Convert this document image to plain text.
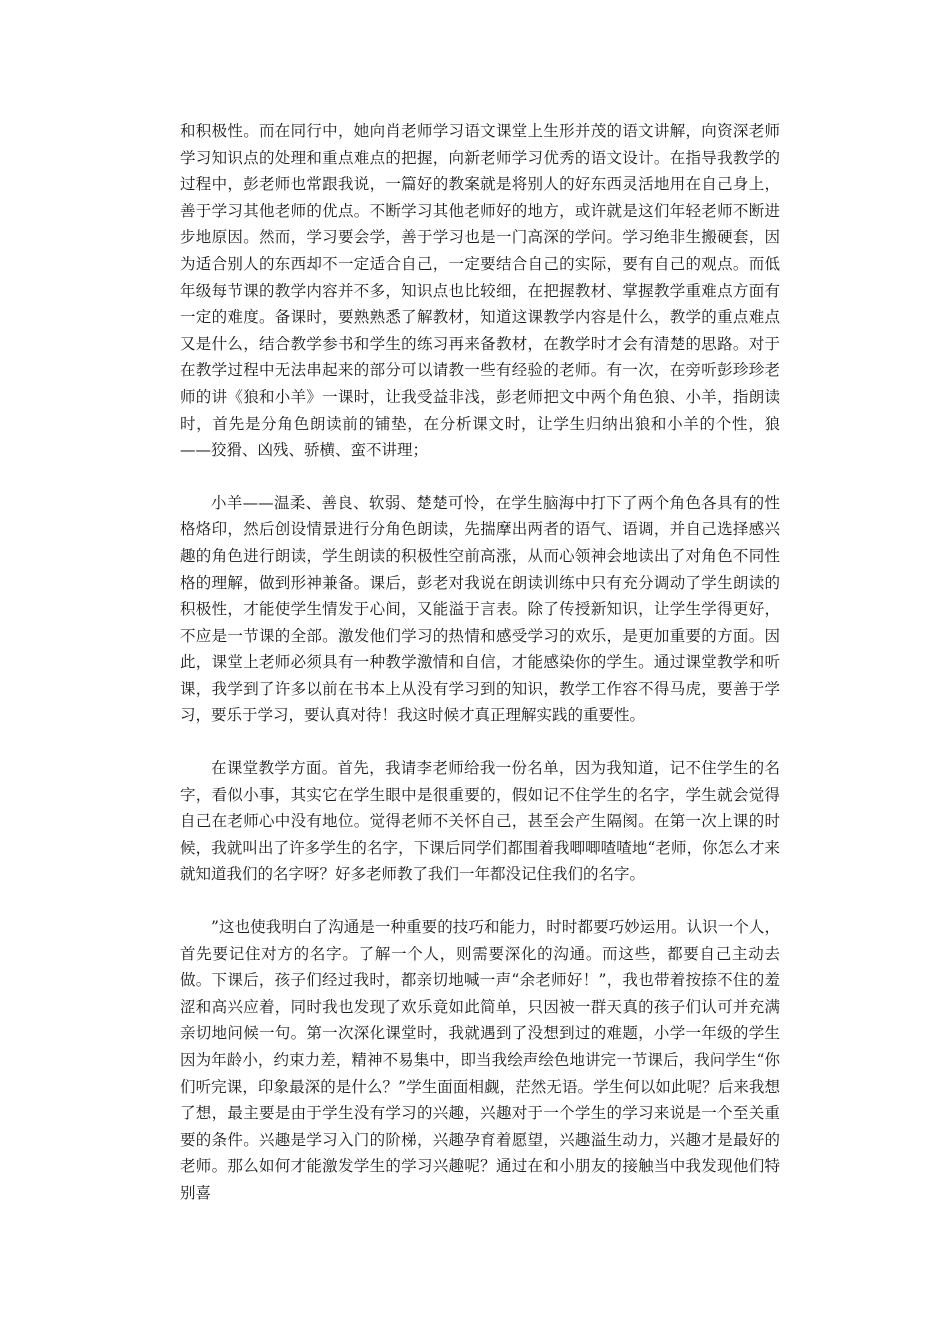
和积极性。而在同行中，她向肖老师学习语文课堂上生形并茂的语文讲解，向资深老师学习知识点的处理和重点难点的把握，向新老师学习优秀的语文设计。在指导我教学的过程中，彭老师也常跟我说，一篇好的教案就是将别人的好东西灵活地用在自己身上，善于学习其他老师的优点。不断学习其他老师好的地方，或许就是这们年轻老师不断进步地原因。然而，学习要会学，善于学习也是一门高深的学问。学习绝非生搬硬套，因为适合别人的东西却不一定适合自己，一定要结合自己的实际，要有自己的观点。而低年级每节课的教学内容并不多，知识点也比较细，在把握教材、掌握教学重难点方面有一定的难度。备课时，要熟熟悉了解教材，知道这课教学内容是什么，教学的重点难点又是什么，结合教学参书和学生的练习再来备教材，在教学时才会有清楚的思路。对于在教学过程中无法串起来的部分可以请教一些有经验的老师。有一次，在旁听彭珍珍老师的讲《狼和小羊》一课时，让我受益非浅，彭老师把文中两个角色狼、小羊，指朗读时，首先是分角色朗读前的铺垫，在分析课文时，让学生归纳出狼和小羊的个性，狼——狡猾、凶残、骄横、蛮不讲理；

小羊——温柔、善良、软弱、楚楚可怜，在学生脑海中打下了两个角色各具有的性格烙印，然后创设情景进行分角色朗读，先揣摩出两者的语气、语调，并自己选择感兴趣的角色进行朗读，学生朗读的积极性空前高涨，从而心领神会地读出了对角色不同性格的理解，做到形神兼备。课后，彭老对我说在朗读训练中只有充分调动了学生朗读的积极性，才能使学生情发于心间，又能溢于言表。除了传授新知识，让学生学得更好，不应是一节课的全部。激发他们学习的热情和感受学习的欢乐，是更加重要的方面。因此，课堂上老师必须具有一种教学激情和自信，才能感染你的学生。通过课堂教学和听课，我学到了许多以前在书本上从没有学习到的知识，教学工作容不得马虎，要善于学习，要乐于学习，要认真对待！我这时候才真正理解实践的重要性。

在课堂教学方面。首先，我请李老师给我一份名单，因为我知道，记不住学生的名字，看似小事，其实它在学生眼中是很重要的，假如记不住学生的名字，学生就会觉得自己在老师心中没有地位。觉得老师不关怀自己，甚至会产生隔阂。在第一次上课的时候，我就叫出了许多学生的名字，下课后同学们都围着我唧唧喳喳地“老师，你怎么才来就知道我们的名字呀？好多老师教了我们一年都没记住我们的名字。

”这也使我明白了沟通是一种重要的技巧和能力，时时都要巧妙运用。认识一个人，首先要记住对方的名字。了解一个人，则需要深化的沟通。而这些，都要自己主动去做。下课后，孩子们经过我时，都亲切地喊一声“余老师好！”，我也带着按捺不住的羞涩和高兴应着，同时我也发现了欢乐竟如此简单，只因被一群天真的孩子们认可并充满亲切地问候一句。第一次深化课堂时，我就遇到了没想到过的难题，小学一年级的学生因为年龄小，约束力差，精神不易集中，即当我绘声绘色地讲完一节课后，我问学生“你们听完课，印象最深的是什么？”学生面面相觑，茫然无语。学生何以如此呢？后来我想了想，最主要是由于学生没有学习的兴趣，兴趣对于一个学生的学习来说是一个至关重要的条件。兴趣是学习入门的阶梯，兴趣孕育着愿望，兴趣溢生动力，兴趣才是最好的老师。那么如何才能激发学生的学习兴趣呢？通过在和小朋友的接触当中我发现他们特别喜
